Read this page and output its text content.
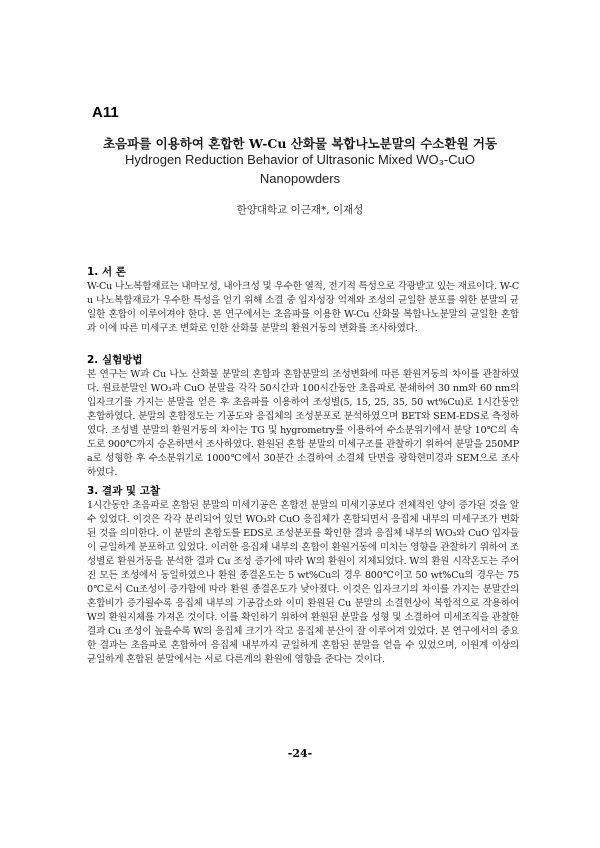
A11
초음파를 이용하여 혼합한 W-Cu 산화물 복합나노분말의 수소환원 거동
Hydrogen Reduction Behavior of Ultrasonic Mixed WO₃-CuO Nanopowders
한양대학교 이근재*, 이재성
1. 서 론

W-Cu 나노복합재료는 내마모성, 내아크성 및 우수한 열적, 전기적 특성으로 각광받고 있는 재료이다. W-Cu 나노복합재료가 우수한 특성을 얻기 위해 소결 중 입자성장 억제와 조성의 균일한 분포를 위한 분말의 균일한 혼합이 이루어져야 한다. 본 연구에서는 초음파를 이용한 W-Cu 산화물 복합나노분말의 균일한 혼합과 이에 따른 미세구조 변화로 인한 산화물 분말의 환원거동의 변화를 조사하였다.

2. 실험방법

본 연구는 W과 Cu 나노 산화물 분말의 혼합과 혼합분말의 조성변화에 따른 환원거동의 차이를 관찰하였다. 원료분말인 WO₃과 CuO 분말을 각각 50시간과 100시간동안 초음파로 분쇄하여 30 nm와 60 nm의 입자크기를 가지는 분말을 얻은 후 초음파를 이용하여 조성별(5, 15, 25, 35, 50 wt%Cu)로 1시간동안 혼합하였다. 분말의 혼합정도는 기공도와 응집체의 조성분포로 분석하였으며 BET와 SEM-EDS로 측정하였다. 조성별 분말의 환원거동의 차이는 TG 및 hygrometry를 이용하여 수소분위기에서 분당 10℃의 속도로 900℃까지 승온하면서 조사하였다. 환원된 혼합 분말의 미세구조를 관찰하기 위하여 분말을 250MPa로 성형한 후 수소분위기로 1000℃에서 30분간 소결하여 소결체 단면을 광학현미경과 SEM으로 조사하였다.

3. 결과 및 고찰

1시간동안 초음파로 혼합된 분말의 미세기공은 혼합전 분말의 미세기공보다 전체적인 양이 증가된 것을 알 수 있었다. 이것은 각각 분리되어 있던 WO₃와 CuO 응집체가 혼합되면서 응집체 내부의 미세구조가 변화된 것을 의미한다. 이 분말의 혼합도를 EDS로 조성분포를 확인한 결과 응집체 내부의 WO₃와 CuO 입자들이 균일하게 분포하고 있었다. 이러한 응집체 내부의 혼합이 환원거동에 미치는 영향을 관찰하기 위하여 조성별로 환원거동을 분석한 결과 Cu 조성 증가에 따라 W의 환원이 지체되었다. W의 환원 시작온도는 주어진 모든 조성에서 동일하였으나 환원 종결온도는 5 wt%Cu의 경우 800℃이고 50 wt%Cu의 경우는 750℃로서 Cu조성이 증가함에 따라 환원 종결온도가 낮아졌다. 이것은 입자크기의 차이를 가지는 분말간의 혼합비가 증가될수록 응집체 내부의 기공감소와 이미 환원된 Cu 분말의 소결현상이 복합적으로 작용하여 W의 환원지체를 가져온 것이다. 이를 확인하기 위하여 환원된 분말을 성형 및 소결하여 미세조직을 관찰한 결과 Cu 조성이 높을수록 W의 응집체 크기가 작고 응집체 분산이 잘 이루어져 있었다. 본 연구에서의 중요한 결과는 초음파로 혼합하여 응집체 내부까지 균일하게 혼합된 분말을 얻을 수 있었으며, 이원계 이상의 균일하게 혼합된 분말에서는 서로 다른계의 환원에 영향을 준다는 것이다.

-24-
